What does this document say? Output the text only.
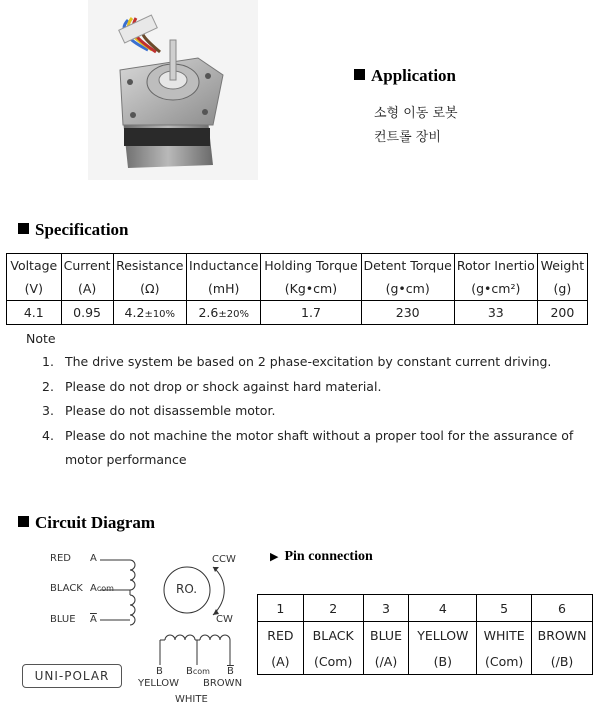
Application
소형 이동 로봇
컨트롤 장비
Specification
Voltage	Current	Resistance	Inductance	Holding Torque	Detent Torque	Rotor Inertio	Weight
(V)	(A)	(Ω)	(mH)	(Kg•cm)	(g•cm)	(g•cm²)	(g)
4.1	0.95	4.2±10%	2.6±20%	1.7	230	33	200
Note
1. The drive system be based on 2 phase-excitation by constant current driving.
2. Please do not drop or shock against hard material.
3. Please do not disassemble motor.
4. Please do not machine the motor shaft without a proper tool for the assurance of
motor performance
Circuit Diagram
RED A
BLACK Acom
BLUE $\overline{A}$
RO.
CCW
CW
B Bcom $\overline{B}$
YELLOW BROWN
WHITE
UNI-POLAR
▶ Pin connection
1	2	3	4	5	6
RED	BLACK	BLUE	YELLOW	WHITE	BROWN
(A)	(Com)	(/A)	(B)	(Com)	(/B)
